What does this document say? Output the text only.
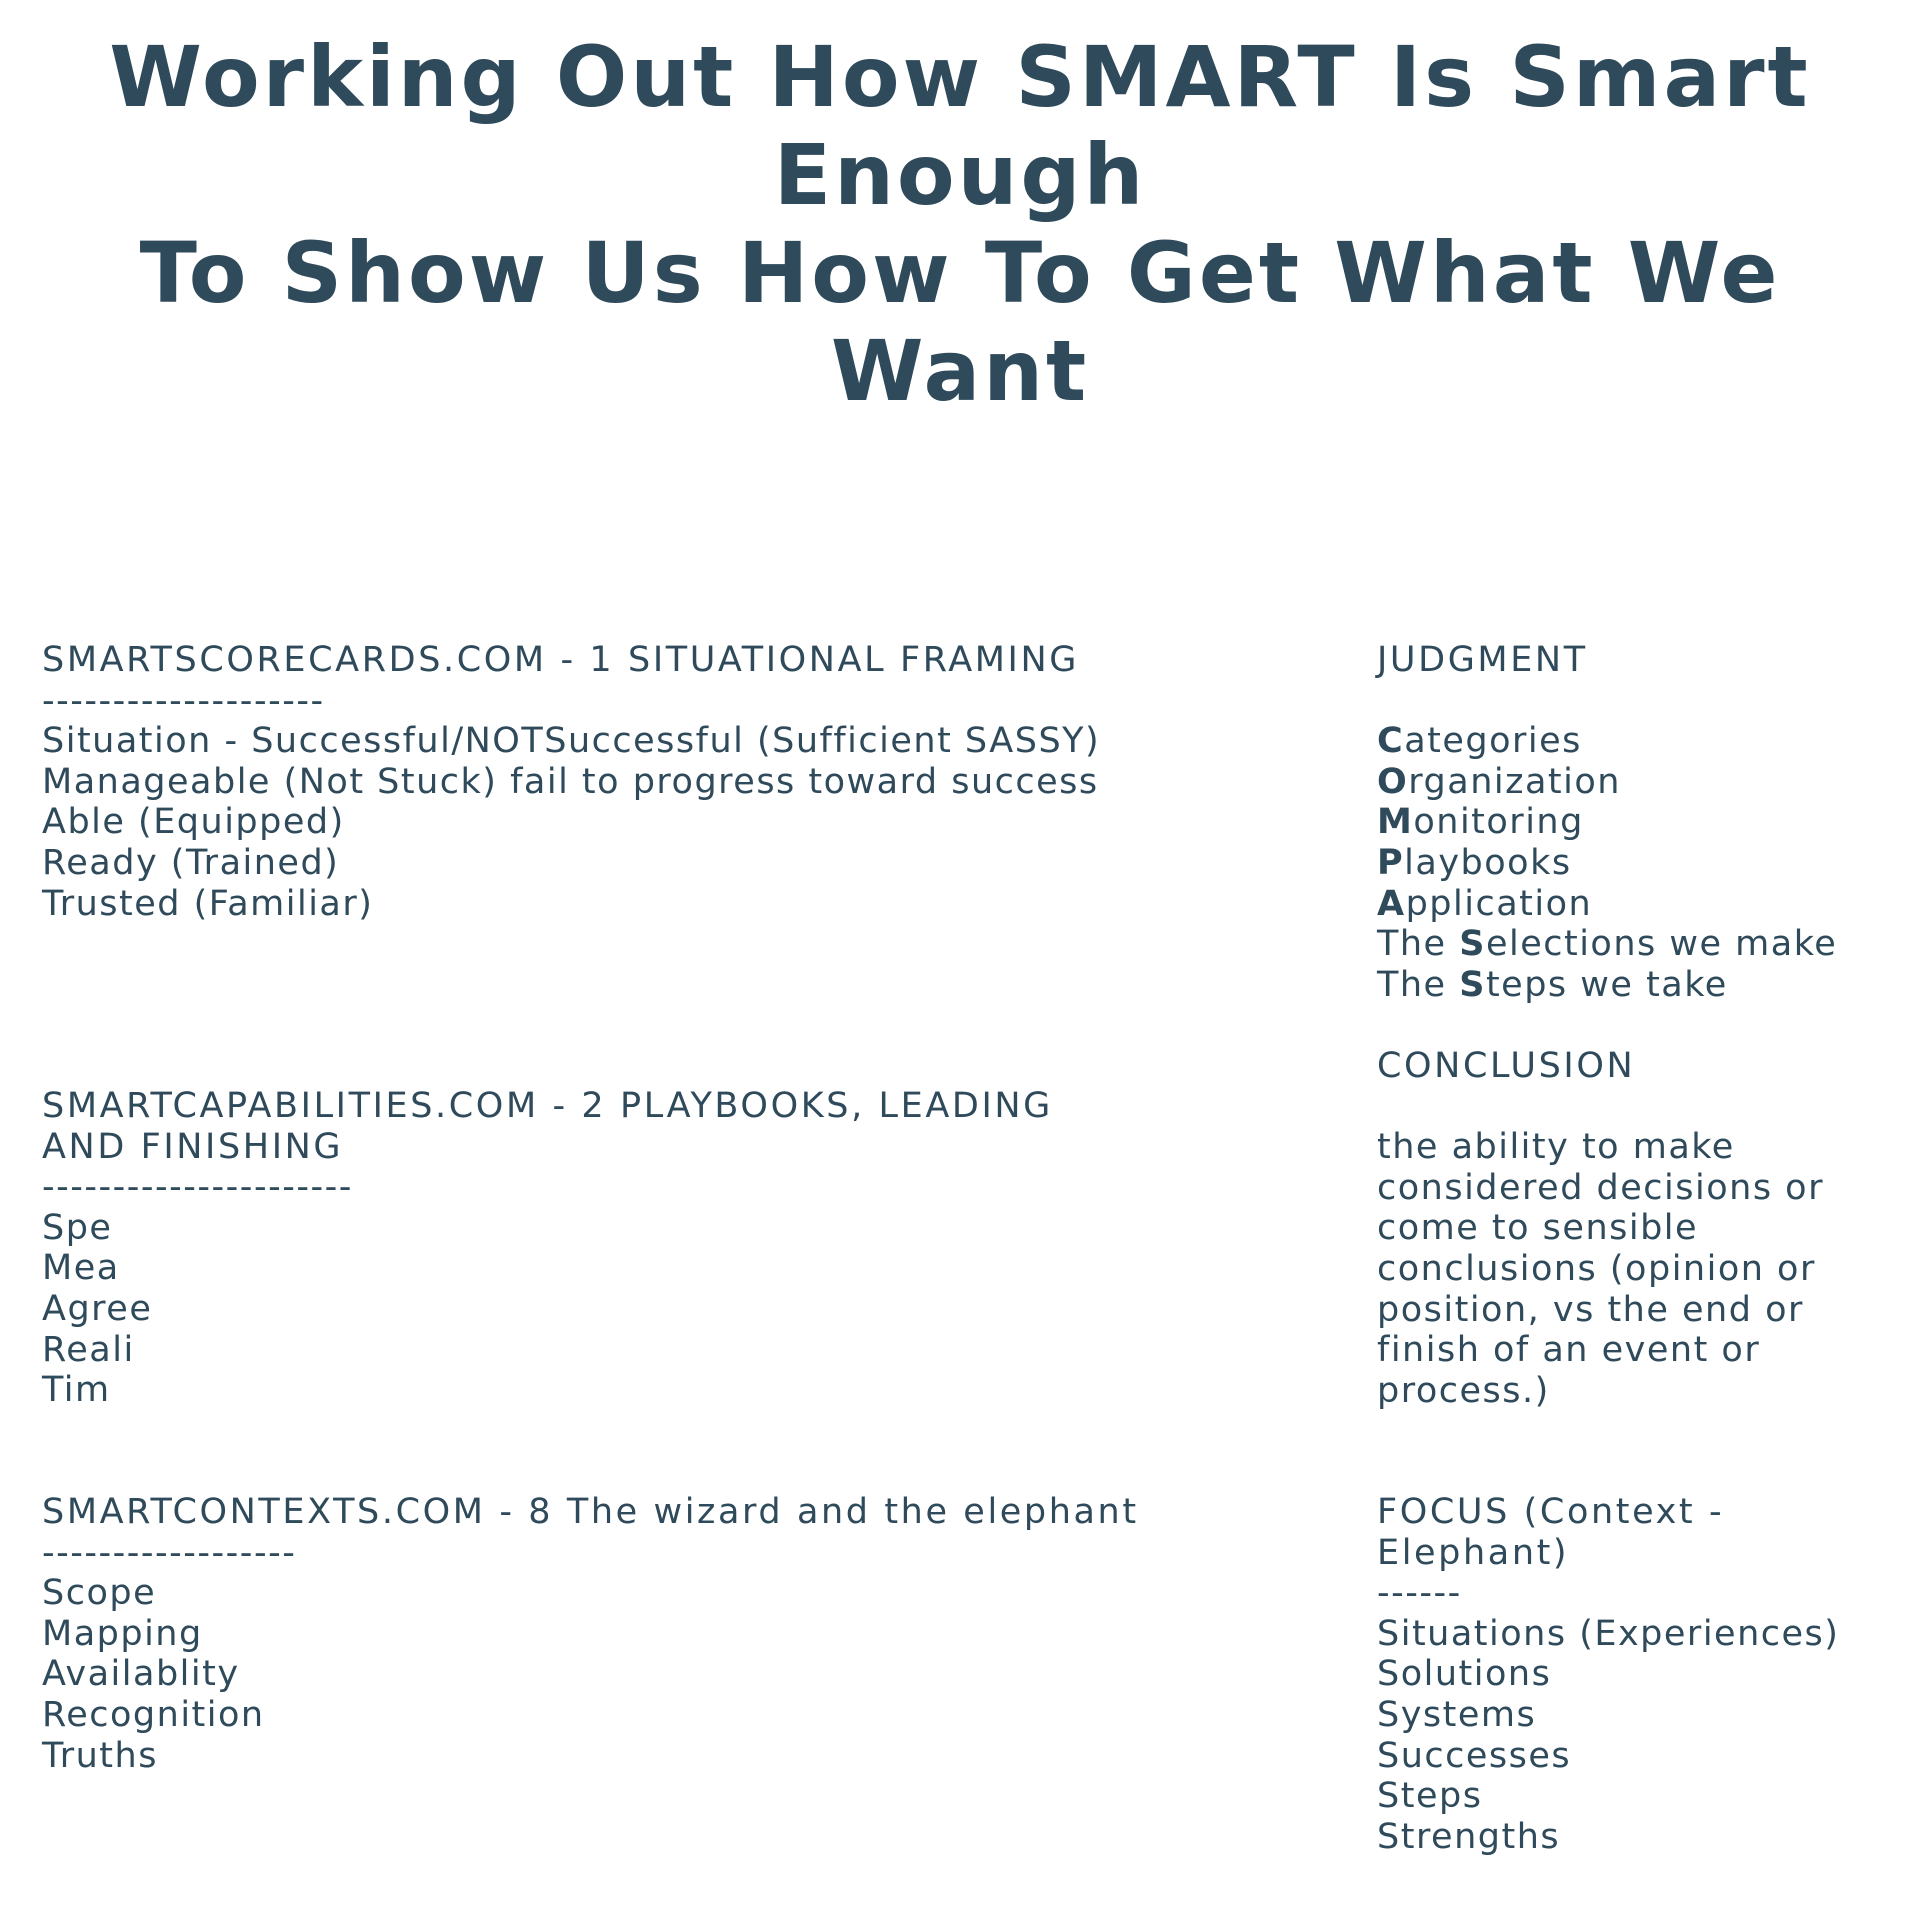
Working Out How SMART Is Smart Enough
To Show Us How To Get What We Want
SMARTSCORECARDS.COM - 1 SITUATIONAL FRAMING
--------------------
Situation - Successful/NOTSuccessful (Sufficient SASSY)
Manageable (Not Stuck) fail to progress toward success
Able (Equipped)
Ready (Trained)
Trusted (Familiar)
SMARTCAPABILITIES.COM - 2 PLAYBOOKS, LEADING AND FINISHING
----------------------
Spe
Mea
Agree
Reali
Tim
SMARTCONTEXTS.COM - 8 The wizard and the elephant
------------------
Scope
Mapping
Availablity
Recognition
Truths
JUDGMENT
Categories
Organization
Monitoring
Playbooks
Application
The Selections we make
The Steps we take
CONCLUSION
the ability to make considered decisions or come to sensible conclusions (opinion or position, vs the end or finish of an event or process.)
FOCUS (Context - Elephant)
------
Situations (Experiences)
Solutions
Systems
Successes
Steps
Strengths
